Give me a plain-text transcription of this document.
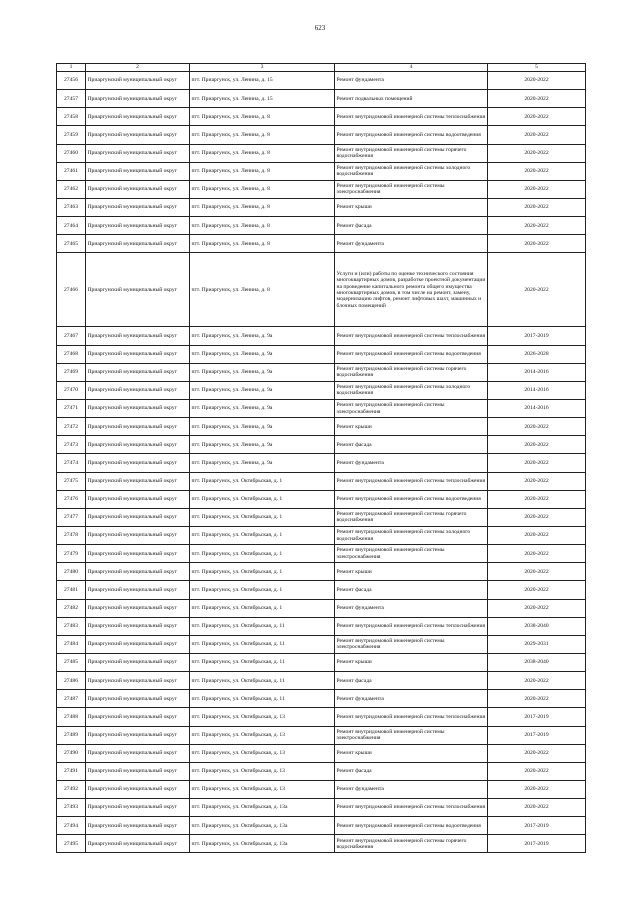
623
1	2	3	4	5
27456	Приаргунский муниципальный округ	пгт. Приаргунск, ул. Ленина, д. 15	Ремонт фундамента	2020-2022
27457	Приаргунский муниципальный округ	пгт. Приаргунск, ул. Ленина, д. 15	Ремонт подвальных помещений	2020-2022
27458	Приаргунский муниципальный округ	пгт. Приаргунск, ул. Ленина, д. 8	Ремонт внутридомовой инженерной системы теплоснабжения	2020-2022
27459	Приаргунский муниципальный округ	пгт. Приаргунск, ул. Ленина, д. 8	Ремонт внутридомовой инженерной системы водоотведения	2020-2022
27460	Приаргунский муниципальный округ	пгт. Приаргунск, ул. Ленина, д. 8	Ремонт внутридомовой инженерной системы горячего водоснабжения	2020-2022
27461	Приаргунский муниципальный округ	пгт. Приаргунск, ул. Ленина, д. 8	Ремонт внутридомовой инженерной системы холодного водоснабжения	2020-2022
27462	Приаргунский муниципальный округ	пгт. Приаргунск, ул. Ленина, д. 8	Ремонт внутридомовой инженерной системы электроснабжения	2020-2022
27463	Приаргунский муниципальный округ	пгт. Приаргунск, ул. Ленина, д. 8	Ремонт крыши	2020-2022
27464	Приаргунский муниципальный округ	пгт. Приаргунск, ул. Ленина, д. 8	Ремонт фасада	2020-2022
27465	Приаргунский муниципальный округ	пгт. Приаргунск, ул. Ленина, д. 8	Ремонт фундамента	2020-2022
27466	Приаргунский муниципальный округ	пгт. Приаргунск, ул. Ленина, д. 8	Услуги и (или) работы по оценке технического состояния многоквартирных домов, разработке проектной документации на проведение капитального ремонта общего имущества многоквартирных домов, в том числе на ремонт, замену, модернизацию лифтов, ремонт лифтовых шахт, машинных и блочных помещений	2020-2022
27467	Приаргунский муниципальный округ	пгт. Приаргунск, ул. Ленина, д. 9а	Ремонт внутридомовой инженерной системы теплоснабжения	2017-2019
27468	Приаргунский муниципальный округ	пгт. Приаргунск, ул. Ленина, д. 9а	Ремонт внутридомовой инженерной системы водоотведения	2026-2028
27469	Приаргунский муниципальный округ	пгт. Приаргунск, ул. Ленина, д. 9а	Ремонт внутридомовой инженерной системы горячего водоснабжения	2014-2016
27470	Приаргунский муниципальный округ	пгт. Приаргунск, ул. Ленина, д. 9а	Ремонт внутридомовой инженерной системы холодного водоснабжения	2014-2016
27471	Приаргунский муниципальный округ	пгт. Приаргунск, ул. Ленина, д. 9а	Ремонт внутридомовой инженерной системы электроснабжения	2014-2016
27472	Приаргунский муниципальный округ	пгт. Приаргунск, ул. Ленина, д. 9а	Ремонт крыши	2020-2022
27473	Приаргунский муниципальный округ	пгт. Приаргунск, ул. Ленина, д. 9а	Ремонт фасада	2020-2022
27474	Приаргунский муниципальный округ	пгт. Приаргунск, ул. Ленина, д. 9а	Ремонт фундамента	2020-2022
27475	Приаргунский муниципальный округ	пгт. Приаргунск, ул. Октябрьская, д. 1	Ремонт внутридомовой инженерной системы теплоснабжения	2020-2022
27476	Приаргунский муниципальный округ	пгт. Приаргунск, ул. Октябрьская, д. 1	Ремонт внутридомовой инженерной системы водоотведения	2020-2022
27477	Приаргунский муниципальный округ	пгт. Приаргунск, ул. Октябрьская, д. 1	Ремонт внутридомовой инженерной системы горячего водоснабжения	2020-2022
27478	Приаргунский муниципальный округ	пгт. Приаргунск, ул. Октябрьская, д. 1	Ремонт внутридомовой инженерной системы холодного водоснабжения	2020-2022
27479	Приаргунский муниципальный округ	пгт. Приаргунск, ул. Октябрьская, д. 1	Ремонт внутридомовой инженерной системы электроснабжения	2020-2022
27480	Приаргунский муниципальный округ	пгт. Приаргунск, ул. Октябрьская, д. 1	Ремонт крыши	2020-2022
27481	Приаргунский муниципальный округ	пгт. Приаргунск, ул. Октябрьская, д. 1	Ремонт фасада	2020-2022
27482	Приаргунский муниципальный округ	пгт. Приаргунск, ул. Октябрьская, д. 1	Ремонт фундамента	2020-2022
27483	Приаргунский муниципальный округ	пгт. Приаргунск, ул. Октябрьская, д. 11	Ремонт внутридомовой инженерной системы теплоснабжения	2038-2040
27484	Приаргунский муниципальный округ	пгт. Приаргунск, ул. Октябрьская, д. 11	Ремонт внутридомовой инженерной системы электроснабжения	2029-2031
27485	Приаргунский муниципальный округ	пгт. Приаргунск, ул. Октябрьская, д. 11	Ремонт крыши	2038-2040
27486	Приаргунский муниципальный округ	пгт. Приаргунск, ул. Октябрьская, д. 11	Ремонт фасада	2020-2022
27487	Приаргунский муниципальный округ	пгт. Приаргунск, ул. Октябрьская, д. 11	Ремонт фундамента	2020-2022
27488	Приаргунский муниципальный округ	пгт. Приаргунск, ул. Октябрьская, д. 13	Ремонт внутридомовой инженерной системы теплоснабжения	2017-2019
27489	Приаргунский муниципальный округ	пгт. Приаргунск, ул. Октябрьская, д. 13	Ремонт внутридомовой инженерной системы электроснабжения	2017-2019
27490	Приаргунский муниципальный округ	пгт. Приаргунск, ул. Октябрьская, д. 13	Ремонт крыши	2020-2022
27491	Приаргунский муниципальный округ	пгт. Приаргунск, ул. Октябрьская, д. 13	Ремонт фасада	2020-2022
27492	Приаргунский муниципальный округ	пгт. Приаргунск, ул. Октябрьская, д. 13	Ремонт фундамента	2020-2022
27493	Приаргунский муниципальный округ	пгт. Приаргунск, ул. Октябрьская, д. 13а	Ремонт внутридомовой инженерной системы теплоснабжения	2020-2022
27494	Приаргунский муниципальный округ	пгт. Приаргунск, ул. Октябрьская, д. 13а	Ремонт внутридомовой инженерной системы водоотведения	2017-2019
27495	Приаргунский муниципальный округ	пгт. Приаргунск, ул. Октябрьская, д. 13а	Ремонт внутридомовой инженерной системы горячего водоснабжения	2017-2019
